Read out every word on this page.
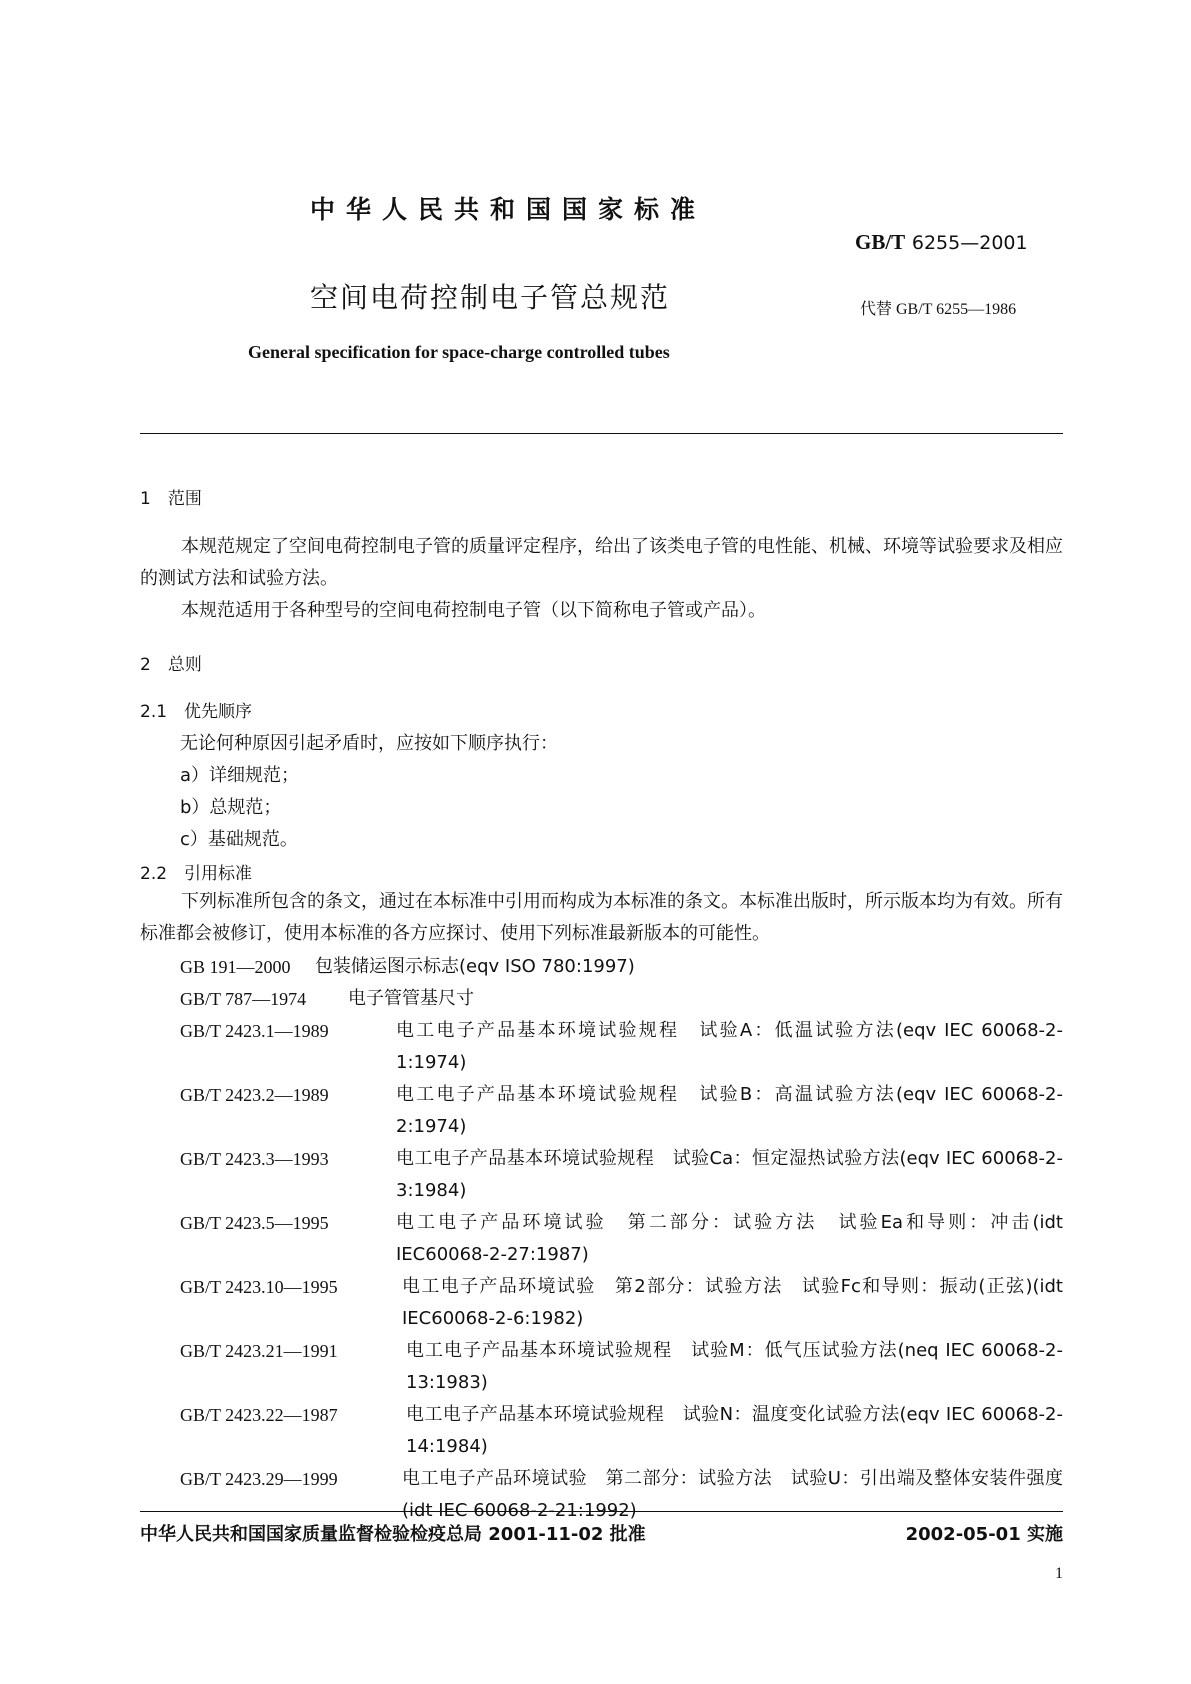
中华人民共和国国家标准
GB/T 6255—2001
空间电荷控制电子管总规范	代替 GB/T 6255—1986
General specification for space-charge controlled tubes
1　范围
本规范规定了空间电荷控制电子管的质量评定程序，给出了该类电子管的电性能、机械、环境等试验要求及相应的测试方法和试验方法。
本规范适用于各种型号的空间电荷控制电子管（以下简称电子管或产品）。
2　总则
2.1　优先顺序
无论何种原因引起矛盾时，应按如下顺序执行：
a）详细规范；
b）总规范；
c）基础规范。
2.2　引用标准
下列标准所包含的条文，通过在本标准中引用而构成为本标准的条文。本标准出版时，所示版本均为有效。所有标准都会被修订，使用本标准的各方应探讨、使用下列标准最新版本的可能性。
GB 191—2000 包装储运图示标志(eqv ISO 780:1997)
GB/T 787—1974 电子管管基尺寸
GB/T 2423.1—1989	电工电子产品基本环境试验规程　试验A：低温试验方法(eqv IEC 60068-2-1:1974)
GB/T 2423.2—1989	电工电子产品基本环境试验规程　试验B：高温试验方法(eqv IEC 60068-2-2:1974)
GB/T 2423.3—1993	电工电子产品基本环境试验规程　试验Ca：恒定湿热试验方法(eqv IEC 60068-2-3:1984)
GB/T 2423.5—1995	电工电子产品环境试验　第二部分：试验方法　试验Ea和导则：冲击(idt IEC60068-2-27:1987)
GB/T 2423.10—1995	电工电子产品环境试验　第2部分：试验方法　试验Fc和导则：振动(正弦)(idt IEC60068-2-6:1982)
GB/T 2423.21—1991	电工电子产品基本环境试验规程　试验M：低气压试验方法(neq IEC 60068-2-13:1983)
GB/T 2423.22—1987	电工电子产品基本环境试验规程　试验N：温度变化试验方法(eqv IEC 60068-2-14:1984)
GB/T 2423.29—1999	电工电子产品环境试验　第二部分：试验方法　试验U：引出端及整体安装件强度(idt IEC 60068-2-21:1992)
中华人民共和国国家质量监督检验检疫总局 2001-11-02 批准	2002-05-01 实施
1
